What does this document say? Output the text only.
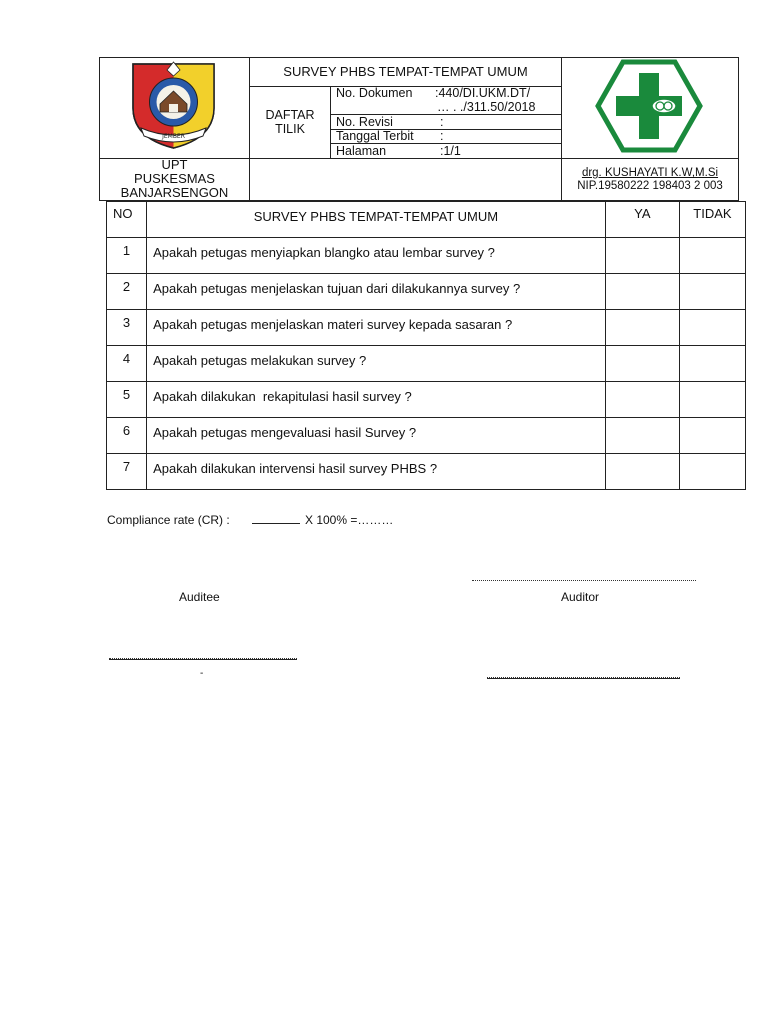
JEMBER
SURVEY PHBS TEMPAT-TEMPAT UMUM
DAFTAR
TILIK
No. Dokumen :440/DI.UKM.DT/
… . ./311.50/2018
No. Revisi	:
Tanggal Terbit :
Halaman	:1/1
UPT
PUSKESMAS
BANJARSENGON
drg. KUSHAYATI K.W,M.Si
NIP.19580222 198403 2 003
NO	SURVEY PHBS TEMPAT-TEMPAT UMUM	YA	TIDAK
1	Apakah petugas menyiapkan blangko atau lembar survey ?		
2	Apakah petugas menjelaskan tujuan dari dilakukannya survey ?		
3	Apakah petugas menjelaskan materi survey kepada sasaran ?		
4	Apakah petugas melakukan survey ?		
5	Apakah dilakukan  rekapitulasi hasil survey ?		
6	Apakah petugas mengevaluasi hasil Survey ?		
7	Apakah dilakukan intervensi hasil survey PHBS ?		
Compliance rate (CR) :	X 100% =………
Auditee	Auditor
-
